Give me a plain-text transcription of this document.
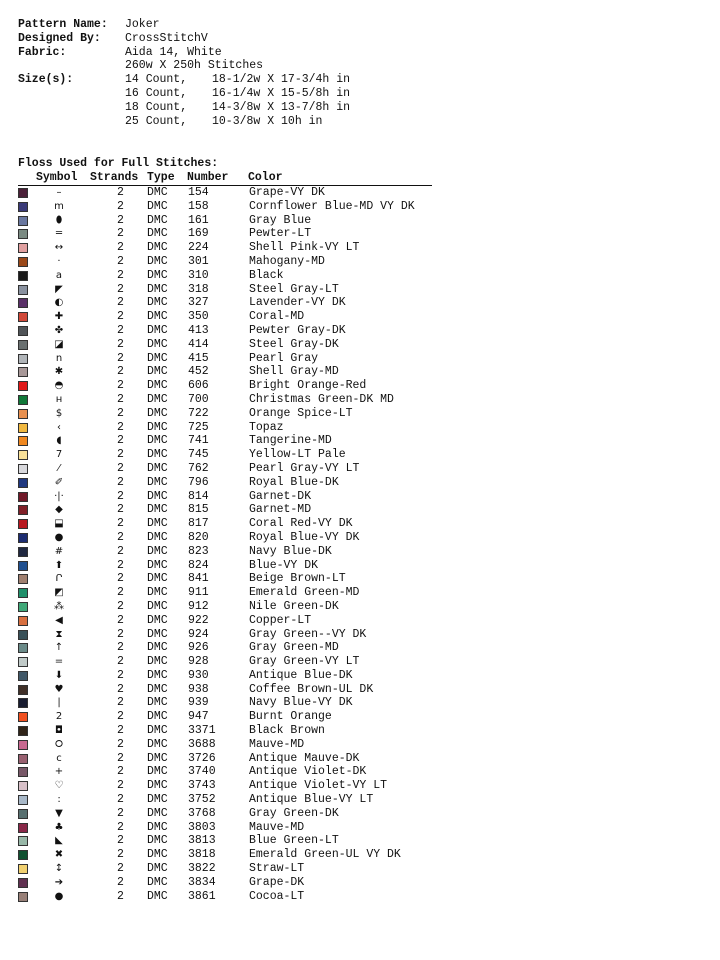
Pattern Name:	Joker
Designed By:	CrossStitchV
Fabric:	Aida 14, White
260w X 250h Stitches
Size(s):	14 Count,	18-1/2w X 17-3/4h in
16 Count,	16-1/4w X 15-5/8h in
18 Count,	14-3/8w X 13-7/8h in
25 Count,	10-3/8w X 10h in
Floss Used for Full Stitches:
Symbol Strands Type Number Color
–	2 DMC 154	Grape-VY DK
m	2 DMC 158	Cornflower Blue-MD VY DK
⬮	2 DMC 161	Gray Blue
═	2 DMC 169	Pewter-LT
↔	2 DMC 224	Shell Pink-VY LT
·	2 DMC 301	Mahogany-MD
a	2 DMC 310	Black
◤	2 DMC 318	Steel Gray-LT
◐	2 DMC 327	Lavender-VY DK
✚	2 DMC 350	Coral-MD
✤	2 DMC 413	Pewter Gray-DK
◪	2 DMC 414	Steel Gray-DK
n	2 DMC 415	Pearl Gray
✱	2 DMC 452	Shell Gray-MD
◓	2 DMC 606	Bright Orange-Red
н	2 DMC 700	Christmas Green-DK MD
$	2 DMC 722	Orange Spice-LT
‹	2 DMC 725	Topaz
◖	2 DMC 741	Tangerine-MD
7	2 DMC 745	Yellow-LT Pale
⁄	2 DMC 762	Pearl Gray-VY LT
✐	2 DMC 796	Royal Blue-DK
·|·	2 DMC 814	Garnet-DK
◆	2 DMC 815	Garnet-MD
⬓	2 DMC 817	Coral Red-VY DK
●	2 DMC 820	Royal Blue-VY DK
#	2 DMC 823	Navy Blue-DK
⬆	2 DMC 824	Blue-VY DK
Ր	2 DMC 841	Beige Brown-LT
◩	2 DMC 911	Emerald Green-MD
⁂	2 DMC 912	Nile Green-DK
◀	2 DMC 922	Copper-LT
⧗	2 DMC 924	Gray Green--VY DK
↑	2 DMC 926	Gray Green-MD
=	2 DMC 928	Gray Green-VY LT
⬇	2 DMC 930	Antique Blue-DK
♥	2 DMC 938	Coffee Brown-UL DK
|	2 DMC 939	Navy Blue-VY DK
2	2 DMC 947	Burnt Orange
◘	2 DMC 3371	Black Brown
⭘	2 DMC 3688	Mauve-MD
c	2 DMC 3726	Antique Mauve-DK
+	2 DMC 3740	Antique Violet-DK
♡	2 DMC 3743	Antique Violet-VY LT
:	2 DMC 3752	Antique Blue-VY LT
▼	2 DMC 3768	Gray Green-DK
♣	2 DMC 3803	Mauve-MD
◣	2 DMC 3813	Blue Green-LT
✖	2 DMC 3818	Emerald Green-UL VY DK
↕	2 DMC 3822	Straw-LT
➔	2 DMC 3834	Grape-DK
●	2 DMC 3861	Cocoa-LT
